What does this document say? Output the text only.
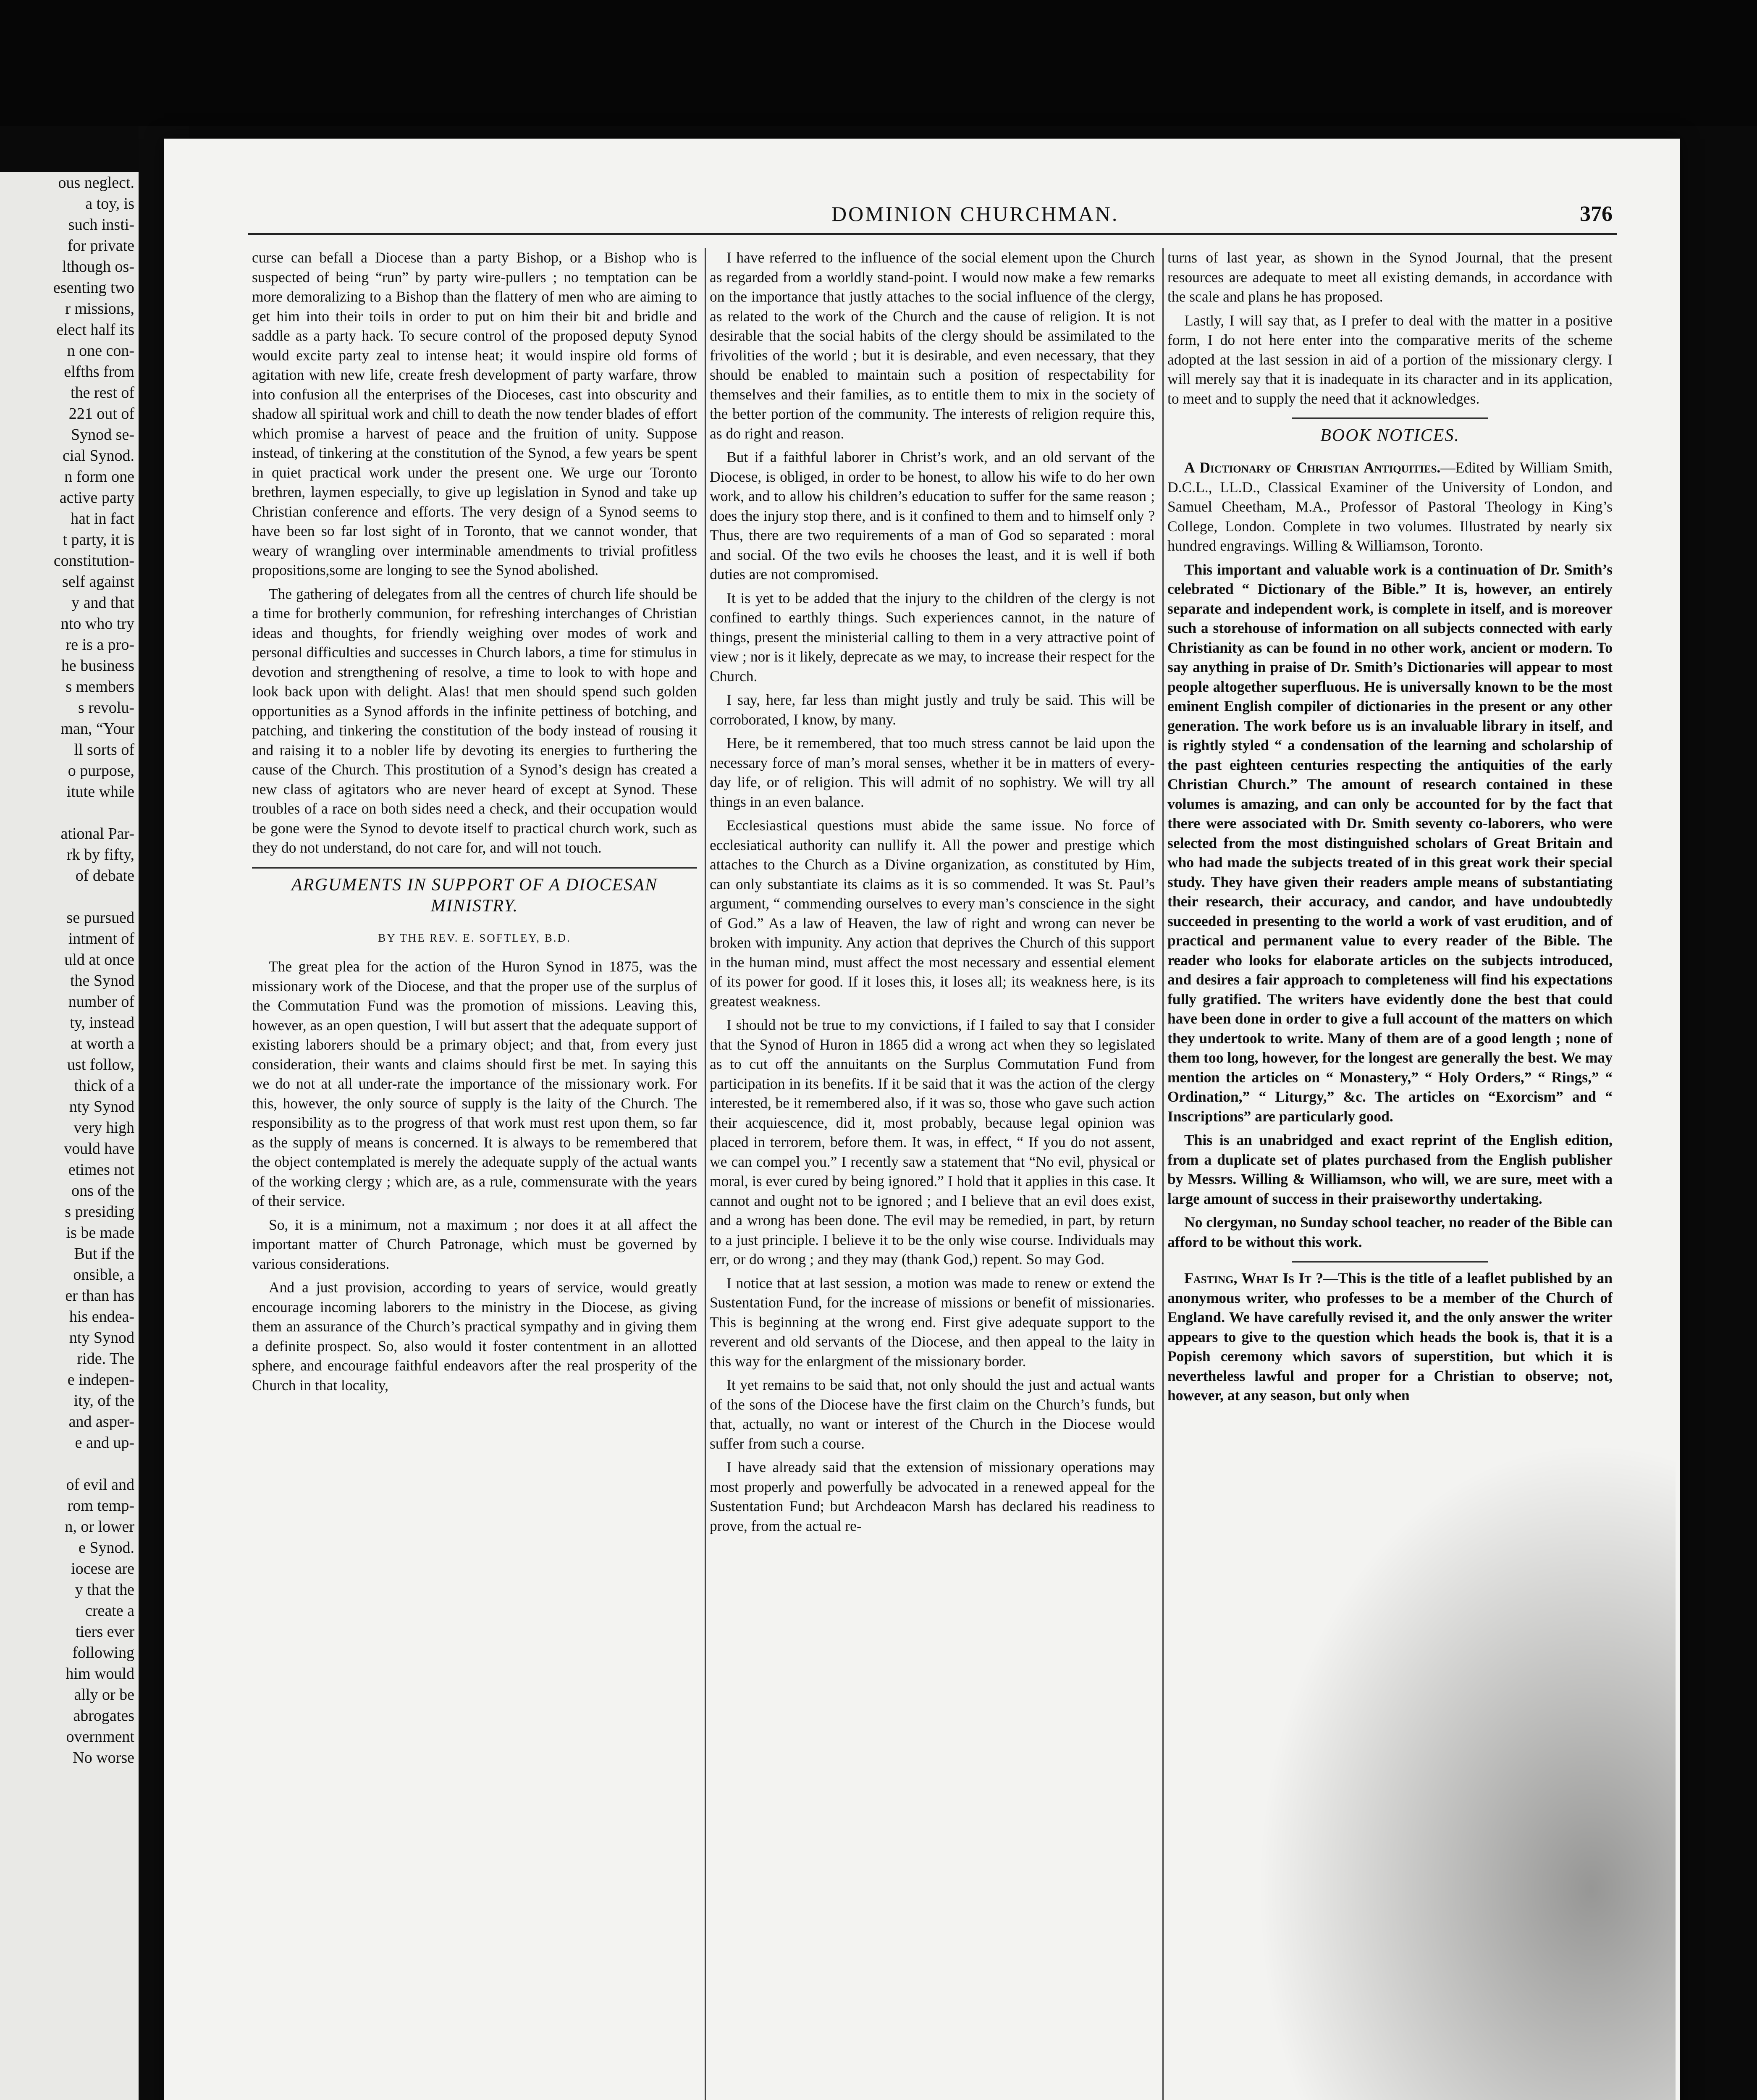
ous neglect.
a toy, is
such insti-
for private
lthough os-
esenting two
r missions,
elect half its
n one con-
elfths from
the rest of
221 out of
Synod se-
cial Synod.
n form one
active party
hat in fact
t party, it is
constitution-
self against
y and that
nto who try
re is a pro-
he business
s members
s revolu-
man, “Your
ll sorts of
o purpose,
itute while

ational Par-
rk by fifty,
of debate

se pursued
intment of
uld at once
the Synod
number of
ty, instead
at worth a
ust follow,
thick of a
nty Synod
very high
vould have
etimes not
ons of the
s presiding
is be made
But if the
onsible, a
er than has
his endea-
nty Synod
ride. The
e indepen-
ity, of the
and asper-
e and up-

of evil and
rom temp-
n, or lower
e Synod.
iocese are
y that the
create a
tiers ever
following
him would
ally or be
abrogates
overnment
No worse
DOMINION CHURCHMAN.	376

curse can befall a Diocese than a party Bishop, or a Bishop who is suspected of being “run” by party wire-pullers ; no temptation can be more demoralizing to a Bishop than the flattery of men who are aiming to get him into their toils in order to put on him their bit and bridle and saddle as a party hack. To secure control of the proposed deputy Synod would excite party zeal to intense heat; it would inspire old forms of agitation with new life, create fresh development of party warfare, throw into confusion all the enterprises of the Dioceses, cast into obscurity and shadow all spiritual work and chill to death the now tender blades of effort which promise a harvest of peace and the fruition of unity. Suppose instead, of tinkering at the constitution of the Synod, a few years be spent in quiet practical work under the present one. We urge our Toronto brethren, laymen especially, to give up legislation in Synod and take up Christian conference and efforts. The very design of a Synod seems to have been so far lost sight of in Toronto, that we cannot wonder, that weary of wrangling over interminable amendments to trivial profitless propositions,some are longing to see the Synod abolished.

The gathering of delegates from all the centres of church life should be a time for brotherly communion, for refreshing interchanges of Christian ideas and thoughts, for friendly weighing over modes of work and personal difficulties and successes in Church labors, a time for stimulus in devotion and strengthening of resolve, a time to look to with hope and look back upon with delight. Alas! that men should spend such golden opportunities as a Synod affords in the infinite pettiness of botching, and patching, and tinkering the constitution of the body instead of rousing it and raising it to a nobler life by devoting its energies to furthering the cause of the Church. This prostitution of a Synod’s design has created a new class of agitators who are never heard of except at Synod. These troubles of a race on both sides need a check, and their occupation would be gone were the Synod to devote itself to practical church work, such as they do not understand, do not care for, and will not touch.

ARGUMENTS IN SUPPORT OF A DIOCESAN MINISTRY.
BY THE REV. E. SOFTLEY, B.D.

The great plea for the action of the Huron Synod in 1875, was the missionary work of the Diocese, and that the proper use of the surplus of the Commutation Fund was the promotion of missions. Leaving this, however, as an open question, I will but assert that the adequate support of existing laborers should be a primary object; and that, from every just consideration, their wants and claims should first be met. In saying this we do not at all under-rate the importance of the missionary work. For this, however, the only source of supply is the laity of the Church. The responsibility as to the progress of that work must rest upon them, so far as the supply of means is concerned. It is always to be remembered that the object contemplated is merely the adequate supply of the actual wants of the working clergy ; which are, as a rule, commensurate with the years of their service.

So, it is a minimum, not a maximum ; nor does it at all affect the important matter of Church Patronage, which must be governed by various considerations.

And a just provision, according to years of service, would greatly encourage incoming laborers to the ministry in the Diocese, as giving them an assurance of the Church’s practical sympathy and in giving them a definite prospect. So, also would it foster contentment in an allotted sphere, and encourage faithful endeavors after the real prosperity of the Church in that locality,

I have referred to the influence of the social element upon the Church as regarded from a worldly stand-point. I would now make a few remarks on the importance that justly attaches to the social influence of the clergy, as related to the work of the Church and the cause of religion. It is not desirable that the social habits of the clergy should be assimilated to the frivolities of the world ; but it is desirable, and even necessary, that they should be enabled to maintain such a position of respectability for themselves and their families, as to entitle them to mix in the society of the better portion of the community. The interests of religion require this, as do right and reason.

But if a faithful laborer in Christ’s work, and an old servant of the Diocese, is obliged, in order to be honest, to allow his wife to do her own work, and to allow his children’s education to suffer for the same reason ; does the injury stop there, and is it confined to them and to himself only ? Thus, there are two requirements of a man of God so separated : moral and social. Of the two evils he chooses the least, and it is well if both duties are not compromised.

It is yet to be added that the injury to the children of the clergy is not confined to earthly things. Such experiences cannot, in the nature of things, present the ministerial calling to them in a very attractive point of view ; nor is it likely, deprecate as we may, to increase their respect for the Church.

I say, here, far less than might justly and truly be said. This will be corroborated, I know, by many.

Here, be it remembered, that too much stress cannot be laid upon the necessary force of man’s moral senses, whether it be in matters of every-day life, or of religion. This will admit of no sophistry. We will try all things in an even balance.

Ecclesiastical questions must abide the same issue. No force of ecclesiatical authority can nullify it. All the power and prestige which attaches to the Church as a Divine organization, as constituted by Him, can only substantiate its claims as it is so commended. It was St. Paul’s argument, “ commending ourselves to every man’s conscience in the sight of God.” As a law of Heaven, the law of right and wrong can never be broken with impunity. Any action that deprives the Church of this support in the human mind, must affect the most necessary and essential element of its power for good. If it loses this, it loses all; its weakness here, is its greatest weakness.

I should not be true to my convictions, if I failed to say that I consider that the Synod of Huron in 1865 did a wrong act when they so legislated as to cut off the annuitants on the Surplus Commutation Fund from participation in its benefits. If it be said that it was the action of the clergy interested, be it remembered also, if it was so, those who gave such action their acquiescence, did it, most probably, because legal opinion was placed in terrorem, before them. It was, in effect, “ If you do not assent, we can compel you.” I recently saw a statement that “No evil, physical or moral, is ever cured by being ignored.” I hold that it applies in this case. It cannot and ought not to be ignored ; and I believe that an evil does exist, and a wrong has been done. The evil may be remedied, in part, by return to a just principle. I believe it to be the only wise course. Individuals may err, or do wrong ; and they may (thank God,) repent. So may God.

I notice that at last session, a motion was made to renew or extend the Sustentation Fund, for the increase of missions or benefit of missionaries. This is beginning at the wrong end. First give adequate support to the reverent and old servants of the Diocese, and then appeal to the laity in this way for the enlargment of the missionary border.

It yet remains to be said that, not only should the just and actual wants of the sons of the Diocese have the first claim on the Church’s funds, but that, actually, no want or interest of the Church in the Diocese would suffer from such a course.

I have already said that the extension of missionary operations may most properly and powerfully be advocated in a renewed appeal for the Sustentation Fund; but Archdeacon Marsh has declared his readiness to prove, from the actual re-

turns of last year, as shown in the Synod Journal, that the present resources are adequate to meet all existing demands, in accordance with the scale and plans he has proposed.

Lastly, I will say that, as I prefer to deal with the matter in a positive form, I do not here enter into the comparative merits of the scheme adopted at the last session in aid of a portion of the missionary clergy. I will merely say that it is inadequate in its character and in its application, to meet and to supply the need that it acknowledges.

BOOK NOTICES.

A Dictionary of Christian Antiquities.—Edited by William Smith, D.C.L., LL.D., Classical Examiner of the University of London, and Samuel Cheetham, M.A., Professor of Pastoral Theology in King’s College, London. Complete in two volumes. Illustrated by nearly six hundred engravings. Willing & Williamson, Toronto.

This important and valuable work is a continuation of Dr. Smith’s celebrated “ Dictionary of the Bible.” It is, however, an entirely separate and independent work, is complete in itself, and is moreover such a storehouse of information on all subjects connected with early Christianity as can be found in no other work, ancient or modern. To say anything in praise of Dr. Smith’s Dictionaries will appear to most people altogether superfluous. He is universally known to be the most eminent English compiler of dictionaries in the present or any other generation. The work before us is an invaluable library in itself, and is rightly styled “ a condensation of the learning and scholarship of the past eighteen centuries respecting the antiquities of the early Christian Church.” The amount of research contained in these volumes is amazing, and can only be accounted for by the fact that there were associated with Dr. Smith seventy co-laborers, who were selected from the most distinguished scholars of Great Britain and who had made the subjects treated of in this great work their special study. They have given their readers ample means of substantiating their research, their accuracy, and candor, and have undoubtedly succeeded in presenting to the world a work of vast erudition, and of practical and permanent value to every reader of the Bible. The reader who looks for elaborate articles on the subjects introduced, and desires a fair approach to completeness will find his expectations fully gratified. The writers have evidently done the best that could have been done in order to give a full account of the matters on which they undertook to write. Many of them are of a good length ; none of them too long, however, for the longest are generally the best. We may mention the articles on “ Monastery,” “ Holy Orders,” “ Rings,” “ Ordination,” “ Liturgy,” &c. The articles on “Exorcism” and “ Inscriptions” are particularly good.

This is an unabridged and exact reprint of the English edition, from a duplicate set of plates purchased from the English publisher by Messrs. Willing & Williamson, who will, we are sure, meet with a large amount of success in their praiseworthy undertaking.

No clergyman, no Sunday school teacher, no reader of the Bible can afford to be without this work.

Fasting, What Is It ?—This is the title of a leaflet published by an anonymous writer, who professes to be a member of the Church of England. We have carefully revised it, and the only answer the writer appears to give to the question which heads the book is, that it is a Popish ceremony which savors of superstition, but which it is nevertheless lawful and proper for a Christian to observe; not, however, at any season, but only when
